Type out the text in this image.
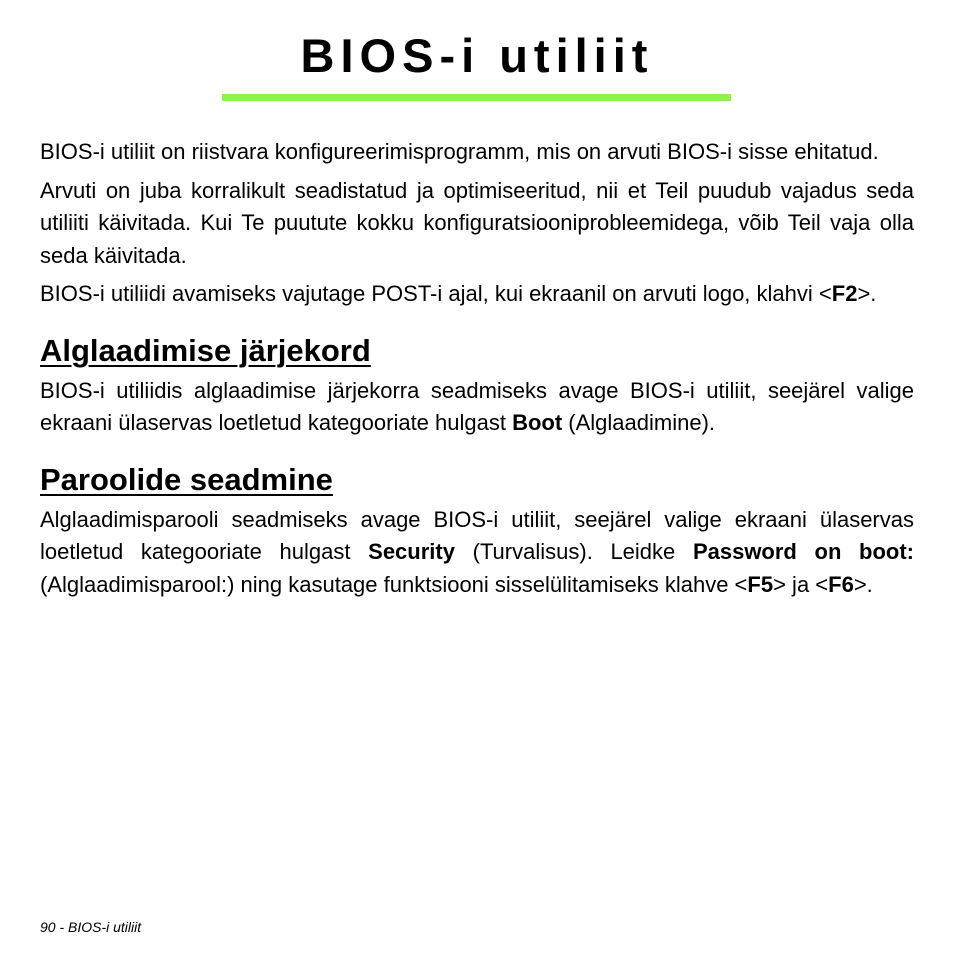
BIOS-i utiliit

BIOS-i utiliit on riistvara konfigureerimisprogramm, mis on arvuti BIOS-i sisse ehitatud.

Arvuti on juba korralikult seadistatud ja optimiseeritud, nii et Teil puudub vajadus seda utiliiti käivitada. Kui Te puutute kokku konfiguratsiooniprobleemidega, võib Teil vaja olla seda käivitada.

BIOS-i utiliidi avamiseks vajutage POST-i ajal, kui ekraanil on arvuti logo, klahvi <F2>.

Alglaadimise järjekord

BIOS-i utiliidis alglaadimise järjekorra seadmiseks avage BIOS-i utiliit, seejärel valige ekraani ülaservas loetletud kategooriate hulgast Boot (Alglaadimine).

Paroolide seadmine

Alglaadimisparooli seadmiseks avage BIOS-i utiliit, seejärel valige ekraani ülaservas loetletud kategooriate hulgast Security (Turvalisus). Leidke Password on boot: (Alglaadimisparool:) ning kasutage funktsiooni sisselülitamiseks klahve <F5> ja <F6>.

90 - BIOS-i utiliit
